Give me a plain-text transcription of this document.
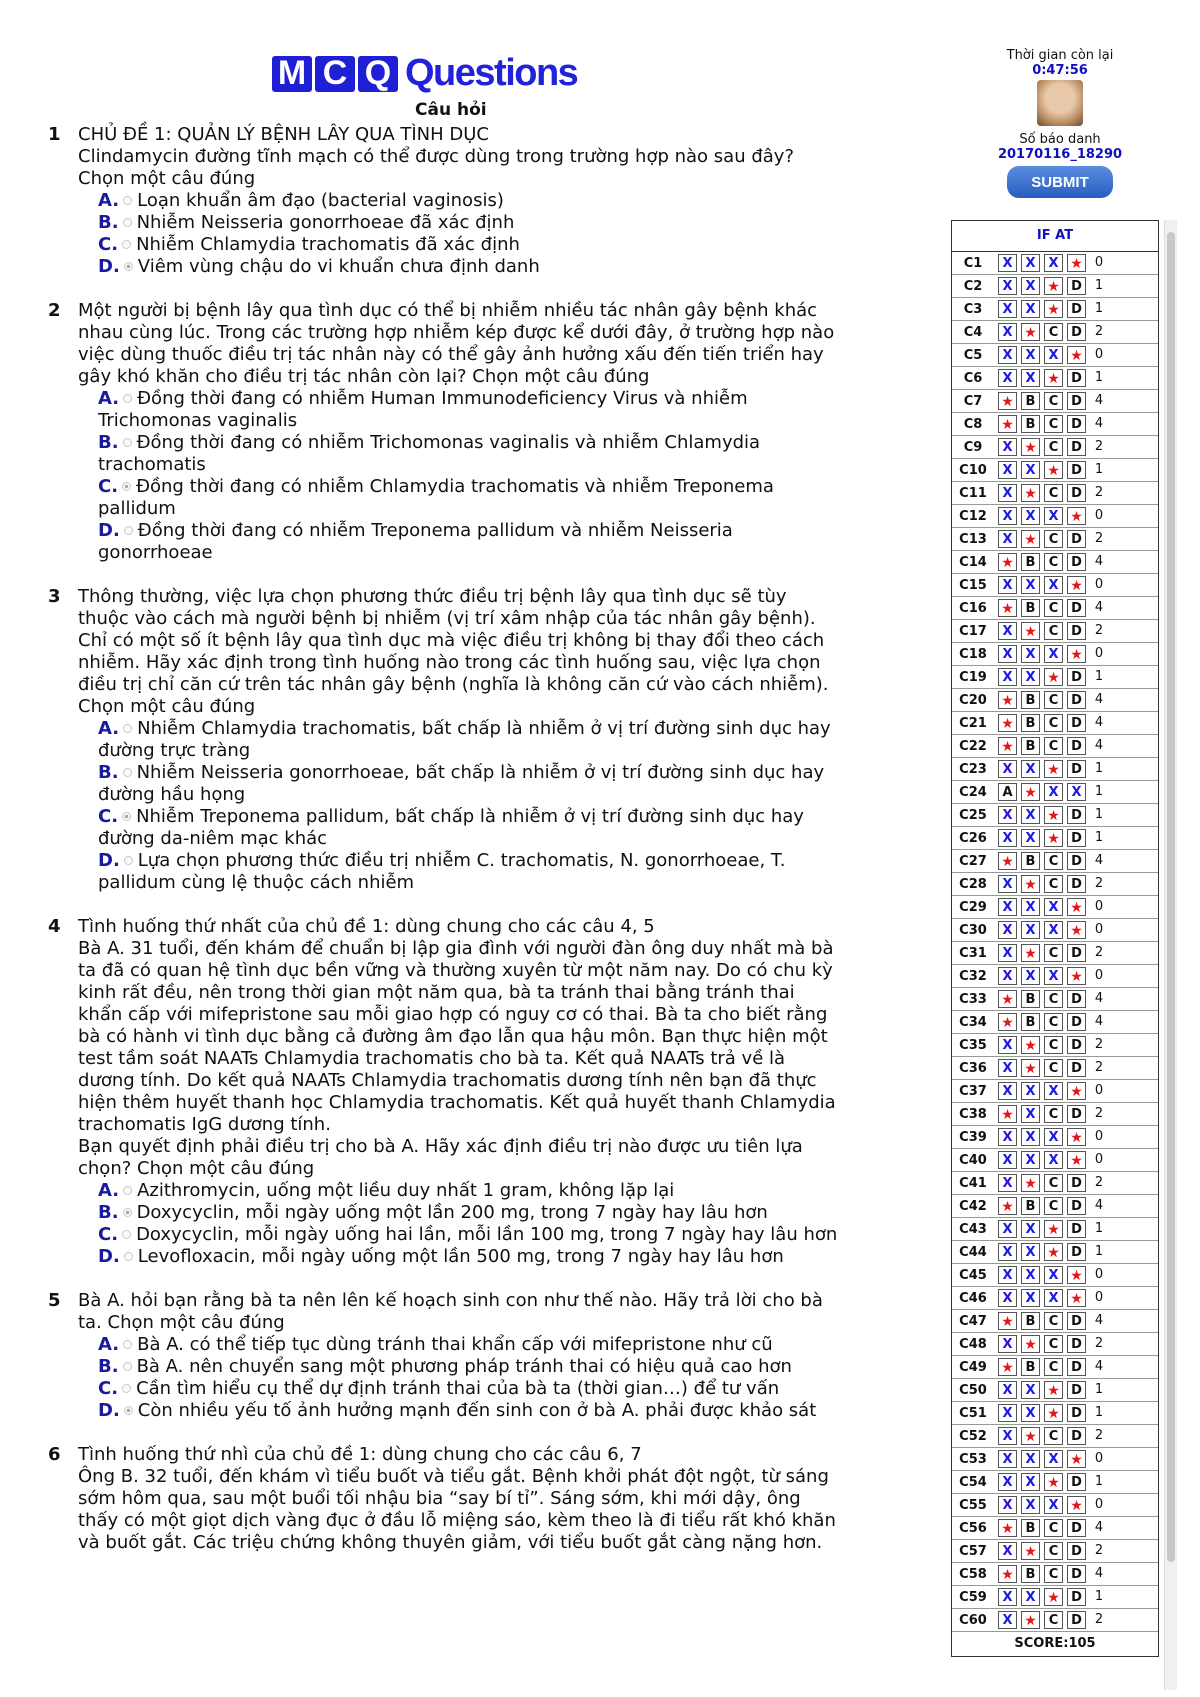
M C Q Questions
Câu hỏi
1 CHỦ ĐỀ 1: QUẢN LÝ BỆNH LÂY QUA TÌNH DỤC
Clindamycin đường tĩnh mạch có thể được dùng trong trường hợp nào sau đây? Chọn một câu đúng
A. Loạn khuẩn âm đạo (bacterial vaginosis)
B. Nhiễm Neisseria gonorrhoeae đã xác định
C. Nhiễm Chlamydia trachomatis đã xác định
D. Viêm vùng chậu do vi khuẩn chưa định danh
2 Một người bị bệnh lây qua tình dục có thể bị nhiễm nhiều tác nhân gây bệnh khác nhau cùng lúc. Trong các trường hợp nhiễm kép được kể dưới đây, ở trường hợp nào việc dùng thuốc điều trị tác nhân này có thể gây ảnh hưởng xấu đến tiến triển hay gây khó khăn cho điều trị tác nhân còn lại? Chọn một câu đúng
A. Đồng thời đang có nhiễm Human Immunodeficiency Virus và nhiễm Trichomonas vaginalis
B. Đồng thời đang có nhiễm Trichomonas vaginalis và nhiễm Chlamydia trachomatis
C. Đồng thời đang có nhiễm Chlamydia trachomatis và nhiễm Treponema pallidum
D. Đồng thời đang có nhiễm Treponema pallidum và nhiễm Neisseria gonorrhoeae
3 Thông thường, việc lựa chọn phương thức điều trị bệnh lây qua tình dục sẽ tùy thuộc vào cách mà người bệnh bị nhiễm (vị trí xâm nhập của tác nhân gây bệnh). Chỉ có một số ít bệnh lây qua tình dục mà việc điều trị không bị thay đổi theo cách nhiễm. Hãy xác định trong tình huống nào trong các tình huống sau, việc lựa chọn điều trị chỉ căn cứ trên tác nhân gây bệnh (nghĩa là không căn cứ vào cách nhiễm). Chọn một câu đúng
A. Nhiễm Chlamydia trachomatis, bất chấp là nhiễm ở vị trí đường sinh dục hay đường trực tràng
B. Nhiễm Neisseria gonorrhoeae, bất chấp là nhiễm ở vị trí đường sinh dục hay đường hầu họng
C. Nhiễm Treponema pallidum, bất chấp là nhiễm ở vị trí đường sinh dục hay đường da-niêm mạc khác
D. Lựa chọn phương thức điều trị nhiễm C. trachomatis, N. gonorrhoeae, T. pallidum cùng lệ thuộc cách nhiễm
4 Tình huống thứ nhất của chủ đề 1: dùng chung cho các câu 4, 5
Bà A. 31 tuổi, đến khám để chuẩn bị lập gia đình với người đàn ông duy nhất mà bà ta đã có quan hệ tình dục bền vững và thường xuyên từ một năm nay. Do có chu kỳ kinh rất đều, nên trong thời gian một năm qua, bà ta tránh thai bằng tránh thai khẩn cấp với mifepristone sau mỗi giao hợp có nguy cơ có thai. Bà ta cho biết rằng bà có hành vi tình dục bằng cả đường âm đạo lẫn qua hậu môn. Bạn thực hiện một test tầm soát NAATs Chlamydia trachomatis cho bà ta. Kết quả NAATs trả về là dương tính. Do kết quả NAATs Chlamydia trachomatis dương tính nên bạn đã thực hiện thêm huyết thanh học Chlamydia trachomatis. Kết quả huyết thanh Chlamydia trachomatis IgG dương tính.
Bạn quyết định phải điều trị cho bà A. Hãy xác định điều trị nào được ưu tiên lựa chọn? Chọn một câu đúng
A. Azithromycin, uống một liều duy nhất 1 gram, không lặp lại
B. Doxycyclin, mỗi ngày uống một lần 200 mg, trong 7 ngày hay lâu hơn
C. Doxycyclin, mỗi ngày uống hai lần, mỗi lần 100 mg, trong 7 ngày hay lâu hơn
D. Levofloxacin, mỗi ngày uống một lần 500 mg, trong 7 ngày hay lâu hơn
5 Bà A. hỏi bạn rằng bà ta nên lên kế hoạch sinh con như thế nào. Hãy trả lời cho bà ta. Chọn một câu đúng
A. Bà A. có thể tiếp tục dùng tránh thai khẩn cấp với mifepristone như cũ
B. Bà A. nên chuyển sang một phương pháp tránh thai có hiệu quả cao hơn
C. Cần tìm hiểu cụ thể dự định tránh thai của bà ta (thời gian…) để tư vấn
D. Còn nhiều yếu tố ảnh hưởng mạnh đến sinh con ở bà A. phải được khảo sát
6 Tình huống thứ nhì của chủ đề 1: dùng chung cho các câu 6, 7
Ông B. 32 tuổi, đến khám vì tiểu buốt và tiểu gắt. Bệnh khởi phát đột ngột, từ sáng sớm hôm qua, sau một buổi tối nhậu bia “say bí tỉ”. Sáng sớm, khi mới dậy, ông thấy có một giọt dịch vàng đục ở đầu lỗ miệng sáo, kèm theo là đi tiểu rất khó khăn và buốt gắt. Các triệu chứng không thuyên giảm, với tiểu buốt gắt càng nặng hơn.
Thời gian còn lại
0:47:56
Số báo danh
20170116_18290
SUBMIT
IF AT
C1	X X X ★ 0
C2	X X ★ D 1
C3	X X ★ D 1
C4	X ★ C D 2
C5	X X X ★ 0
C6	X X ★ D 1
C7	★ B	C D 4
C8	★ B	C D 4
C9	X ★ C D 2
C10	X X ★ D 1
C11	X ★ C D 2
C12	X X X ★ 0
C13	X ★ C D 2
C14	★ B	C D 4
C15	X X X ★ 0
C16	★ B	C D 4
C17	X ★ C D 2
C18	X X X ★ 0
C19	X X ★ D 1
C20	★ B	C D 4
C21	★ B	C D 4
C22	★ B	C D 4
C23	X X ★ D 1
C24	A ★ X X	1
C25	X X ★ D 1
C26	X X ★ D 1
C27	★ B	C D 4
C28	X ★ C D 2
C29	X X X ★ 0
C30	X X X ★ 0
C31	X ★ C D 2
C32	X X X ★ 0
C33	★ B	C D 4
C34	★ B	C D 4
C35	X ★ C D 2
C36	X ★ C D 2
C37	X X X ★ 0
C38	★ X	C D 2
C39	X X X ★ 0
C40	X X X ★ 0
C41	X ★ C D 2
C42	★ B	C D 4
C43	X X ★ D 1
C44	X X ★ D 1
C45	X X X ★ 0
C46	X X X ★ 0
C47	★ B	C D 4
C48	X ★ C D 2
C49	★ B	C D 4
C50	X X ★ D 1
C51	X X ★ D 1
C52	X ★ C D 2
C53	X X X ★ 0
C54	X X ★ D 1
C55	X X X ★ 0
C56	★ B	C D 4
C57	X ★ C D 2
C58	★ B	C D 4
C59	X X ★ D 1
C60	X ★ C D 2
SCORE:105
